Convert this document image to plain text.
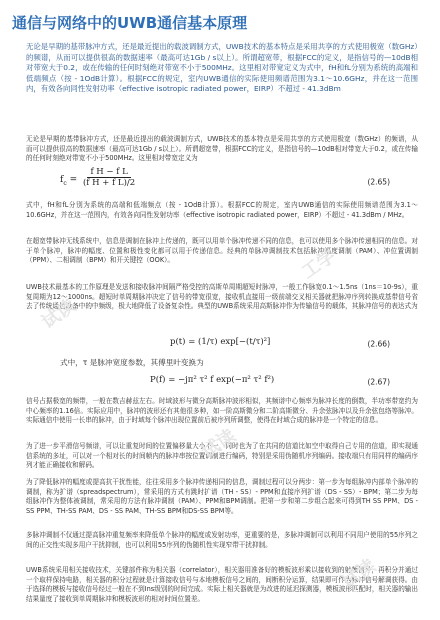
通信与网络中的UWB通信基本原理
无论是早期的基带脉冲方式，还是最近提出的载波调制方式，UWB技术的基本特点是采用共享的方式使用极宽（数GHz）的频谱，从而可以提供很高的数据速率（最高可达1Gb / s以上）。所谓超宽带，根据FCC的定义，是指信号的—10dB相对带宽大于0.2，或在传输的任何时刻绝对带宽不小于500MHz。这里相对带宽定义为式中，fH和fL分别为系统的高端和低端频点（按 - 1OdB计算）。根据FCC的规定，室内UWB通信的实际使用频谱范围为3.1～10.6GHz，并在这一范围内，有效各向同性发射功率（effective isotropic radiated power，EIRP）不超过 - 41.3dBm
无论是早期的基带脉冲方式，还是最近提出的载波调制方式，UWB技术的基本特点是采用共享的方式使用极宽（数GHz）的频谱，从而可以提供很高的数据速率（最高可达1Gb / s以上）。所谓超宽带，根据FCC的定义，是指信号的—10dB相对带宽大于0.2，或在传输的任何时刻绝对带宽不小于500MHz。这里相对带宽定义为
$f_c = \frac{\text{f H − f L}}{\text{(f H + f L)/2}}$	(2.65)
式中，fH和fL分别为系统的高端和低端频点（按 - 1OdB计算）。根据FCC的规定，室内UWB通信的实际使用频谱范围为3.1～10.6GHz，并在这一范围内，有效各向同性发射功率（effective isotropic radiated power，EIRP）不超过 - 41.3dBm / MHz。
在超宽带脉冲无线系统中，信息是调制在脉冲上传递的，既可以用单个脉冲传递不同的信息，也可以使用多个脉冲传递相同的信息。对于单个脉冲，脉冲的幅度、位置和极性变化都可以用于传递信息。经典的单脉冲调制技术包括脉冲幅度调制（PAM）、冲位置调制（PPM）、二相调制（BPM）和开关键控（OOK）。
UWB技术最基本的工作原理是发送和接收脉冲间隔严格受控的高斯单周期超短时脉冲，一般工作脉宽0.1～1.5ns（1ns＝10-9s），重复周期为12～1000ns。超短时单周期脉冲决定了信号的带宽很宽，接收机直接用一级前端交叉相关器就把脉冲序列转换成基带信号省去了传统通信设备中的中频级，极大地降低了设备复杂性。典型的UWB系统采用高斯脉冲作为传输信号的载体，其脉冲信号的表达式为
p(t) = (1/τ) exp[−(t/τ)²]	(2.66)
式中，τ 是脉冲宽度参数，其傅里叶变换为
P(f) = −jπ² τ² f exp(−π² τ² f²)	(2.67)
信号占据极宽的频带，一般在数吉赫兹左右。时域波形与微分高斯脉冲波形相似，其频谱中心频率为脉冲长度的倒数，半功率带宽约为中心频率的1.16倍。实际应用中，脉冲的波形还有其他很多种，如一阶高斯微分和二阶高斯微分、升余弦脉冲以及升余弦包络等脉冲。实际通信中使用一长串的脉冲，由于时域每个脉冲出现位置前后被序列所调整，使得在时域合成的脉冲是一个特定的信息。
为了进一步平滑信号频谱，可以让重复时间的位置偏移量大小不一，同时也为了在共同的信道比如空中取得自己专用的信道，即实现通信系统的多址，可以对一个相对长的时间帧内的脉冲串按位置调制进行编码，特别是采用伪随机序列编码。接收端只有用同样的编码序列才能正确接收和解码。
为了降低脉冲的幅度或提高抗干扰性能，往往采用多个脉冲传递相同的信息，调制过程可以分两步：第一步为每组脉冲内部单个脉冲的调制，称为扩谱（spreadspectrum），常采用的方式有跳时扩谱（TH - SS）- PPM和直接序列扩谱（DS - SS）- BPM；第二步为每组脉冲作为整体被调制，常采用的方法有脉冲调制（PAM）、PPM和BPM调制。把第一步和第二步组合起来可得到TH SS PPM、DS - SS PPM、TH-SS PAM、DS - SS PAM、TH-SS BPM和DS-SS BPM等。
多脉冲调制不仅通过提高脉冲重复频率来降低单个脉冲的幅度或发射功率，更重要的是，多脉冲调制可以利用不同用户使用的55序列之间的正交性实现多用户干扰抑制，也可以利用55序列的伪随机性实现窄带干扰抑制。
UWB系统采用相关接收技术，关键部件称为相关器（correlator），相关器用准备好的模板波形乘以接收到的射频信号，再积分并通过一个取样保持电路，相关器的积分过程就是计算接收信号与本地模板信号之间的，间断积分运算，结果即可作为脉冲信号解调获得。由于选择的模板与接收信号经过一般在不到Ins级别的时间完成。实际上相关器就是为改进的延迟探测器，模板波形匹配时，相关器的输出结果量度了接收到单周期脉冲和模板波形的相对时间位置差。
试读
试读
试读
工学
